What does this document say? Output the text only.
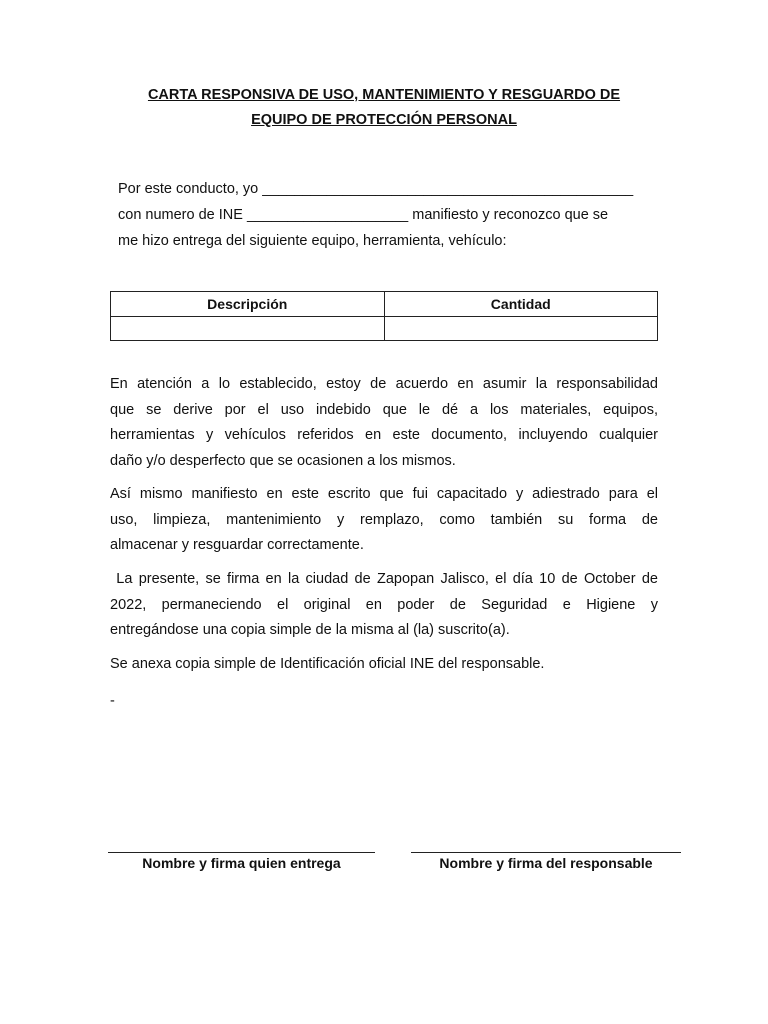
CARTA RESPONSIVA DE USO, MANTENIMIENTO Y RESGUARDO DE
EQUIPO DE PROTECCIÓN PERSONAL
Por este conducto, yo ______________________________________________
con numero de INE ____________________ manifiesto y reconozco que se
me hizo entrega del siguiente equipo, herramienta, vehículo:
Descripción	Cantidad

En atención a lo establecido, estoy de acuerdo en asumir la responsabilidad
que se derive por el uso indebido que le dé a los materiales, equipos,
herramientas y vehículos referidos en este documento, incluyendo cualquier
daño y/o desperfecto que se ocasionen a los mismos.
Así mismo manifiesto en este escrito que fui capacitado y adiestrado para el
uso, limpieza, mantenimiento y remplazo, como también su forma de
almacenar y resguardar correctamente.
La presente, se firma en la ciudad de Zapopan Jalisco, el día 10 de October de
2022, permaneciendo el original en poder de Seguridad e Higiene y
entregándose una copia simple de la misma al (la) suscrito(a).
Se anexa copia simple de Identificación oficial INE del responsable.
-
Nombre y firma quien entrega	Nombre y firma del responsable
